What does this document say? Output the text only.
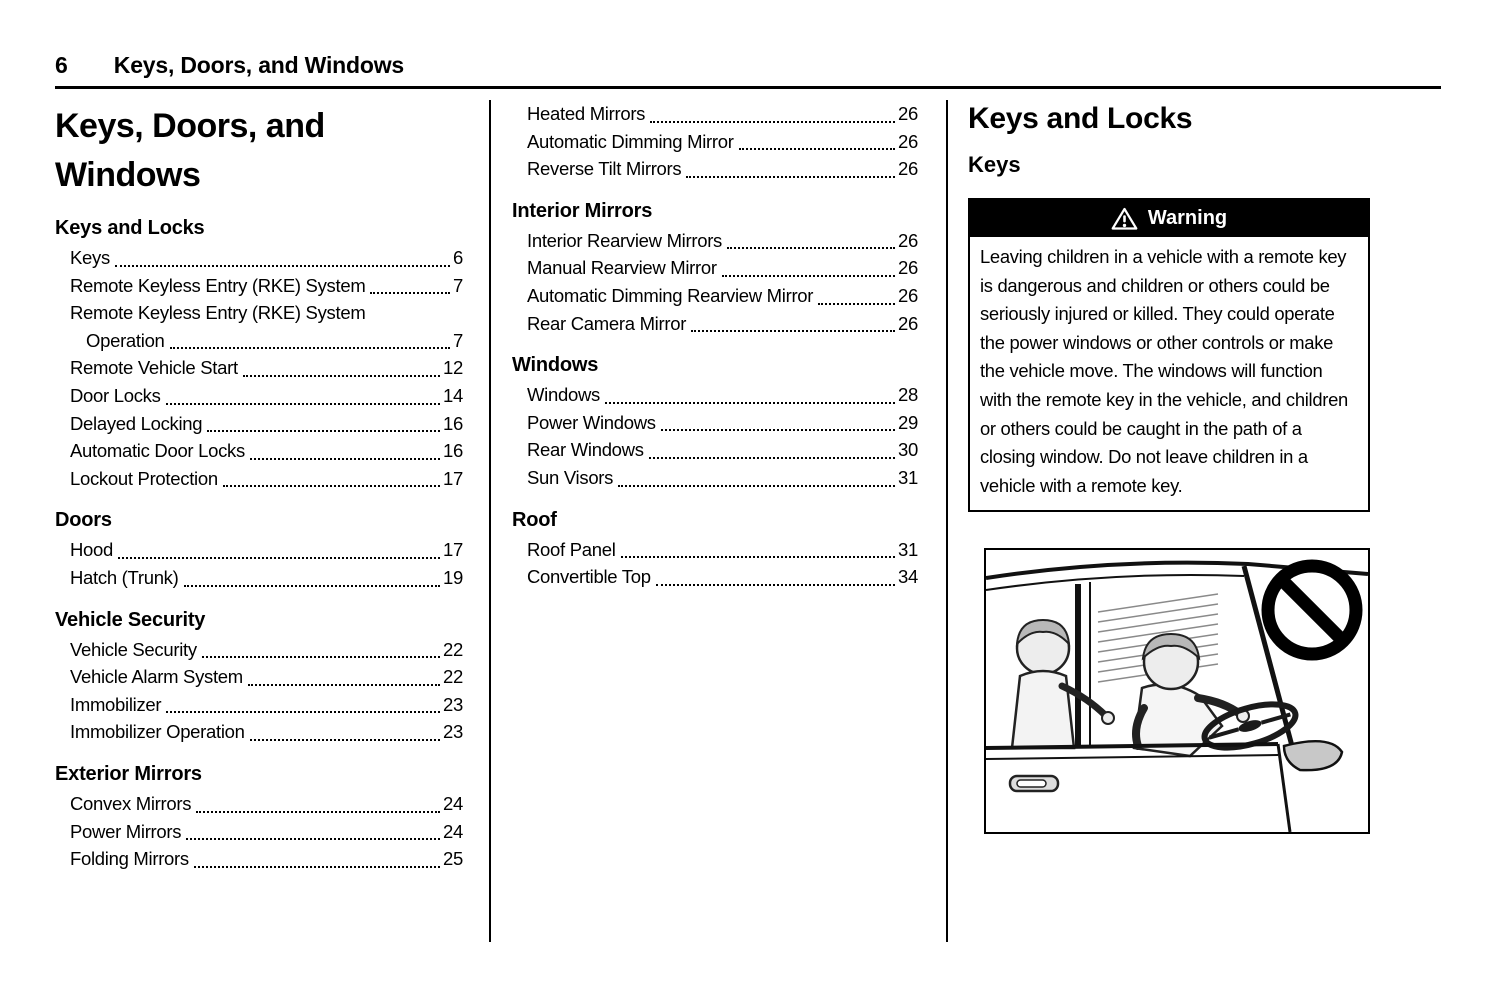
6 Keys, Doors, and Windows
Keys, Doors, and Windows
Keys and Locks
Keys	6
Remote Keyless Entry (RKE) System	7
Remote Keyless Entry (RKE) System
Operation	7
Remote Vehicle Start	12
Door Locks	14
Delayed Locking	16
Automatic Door Locks	16
Lockout Protection	17
Doors
Hood	17
Hatch (Trunk)	19
Vehicle Security
Vehicle Security	22
Vehicle Alarm System	22
Immobilizer	23
Immobilizer Operation	23
Exterior Mirrors
Convex Mirrors	24
Power Mirrors	24
Folding Mirrors	25
Heated Mirrors	26
Automatic Dimming Mirror	26
Reverse Tilt Mirrors	26
Interior Mirrors
Interior Rearview Mirrors	26
Manual Rearview Mirror	26
Automatic Dimming Rearview Mirror	26
Rear Camera Mirror	26
Windows
Windows	28
Power Windows	29
Rear Windows	30
Sun Visors	31
Roof
Roof Panel	31
Convertible Top	34
Keys and Locks
Keys
Warning
Leaving children in a vehicle with a remote key is dangerous and children or others could be seriously injured or killed. They could operate the power windows or other controls or make the vehicle move. The windows will function with the remote key in the vehicle, and children or others could be caught in the path of a closing window. Do not leave children in a vehicle with a remote key.
